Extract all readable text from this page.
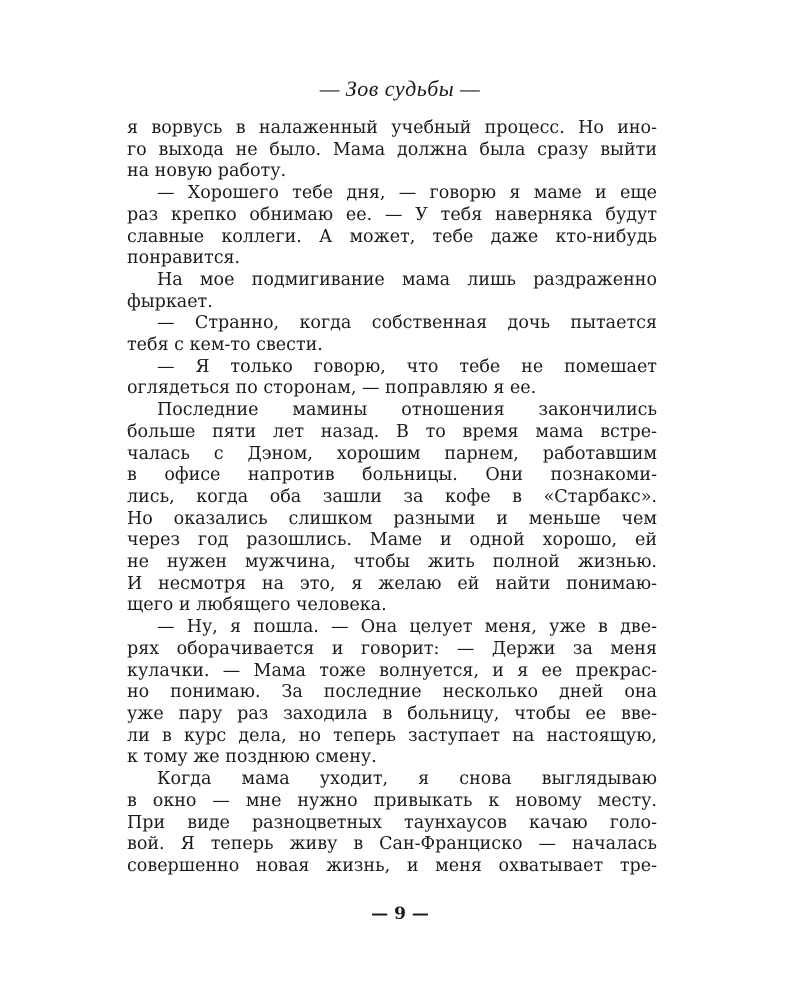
— Зов судьбы —
я ворвусь в налаженный учебный процесс. Но ино-
го выхода не было. Мама должна была сразу выйти
на новую работу.
— Хорошего тебе дня, — говорю я маме и еще
раз крепко обнимаю ее. — У тебя наверняка будут
славные коллеги. А может, тебе даже кто-нибудь
понравится.
На мое подмигивание мама лишь раздраженно
фыркает.
— Странно, когда собственная дочь пытается
тебя с кем-то свести.
— Я только говорю, что тебе не помешает
оглядеться по сторонам, — поправляю я ее.
Последние мамины отношения закончились
больше пяти лет назад. В то время мама встре-
чалась с Дэном, хорошим парнем, работавшим
в офисе напротив больницы. Они познакоми-
лись, когда оба зашли за кофе в «Старбакс».
Но оказались слишком разными и меньше чем
через год разошлись. Маме и одной хорошо, ей
не нужен мужчина, чтобы жить полной жизнью.
И несмотря на это, я желаю ей найти понимаю-
щего и любящего человека.
— Ну, я пошла. — Она целует меня, уже в две-
рях оборачивается и говорит: — Держи за меня
кулачки. — Мама тоже волнуется, и я ее прекрас-
но понимаю. За последние несколько дней она
уже пару раз заходила в больницу, чтобы ее вве-
ли в курс дела, но теперь заступает на настоящую,
к тому же позднюю смену.
Когда мама уходит, я снова выглядываю
в окно — мне нужно привыкать к новому месту.
При виде разноцветных таунхаусов качаю голо-
вой. Я теперь живу в Сан-Франциско — началась
совершенно новая жизнь, и меня охватывает тре-
— 9 —
